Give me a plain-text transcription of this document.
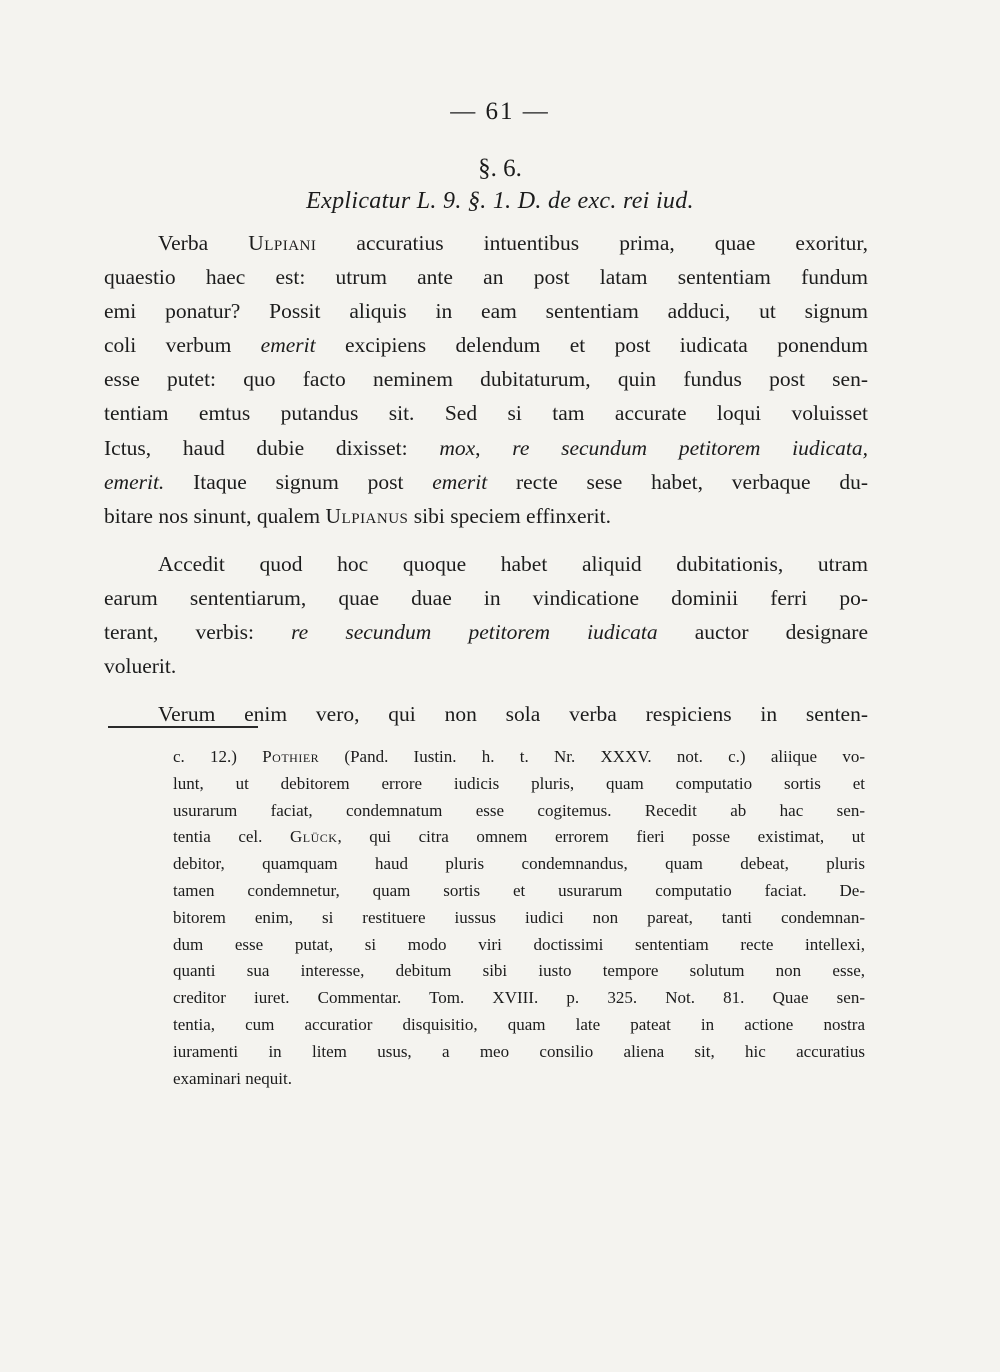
— 61 —
§. 6.
Explicatur L. 9. §. 1. D. de exc. rei iud.
Verba Ulpiani accuratius intuentibus prima, quae exoritur,
quaestio haec est: utrum ante an post latam sententiam fundum
emi ponatur? Possit aliquis in eam sententiam adduci, ut signum
coli verbum emerit excipiens delendum et post iudicata ponendum
esse putet: quo facto neminem dubitaturum, quin fundus post sen-
tentiam emtus putandus sit. Sed si tam accurate loqui voluisset
Ictus, haud dubie dixisset: mox, re secundum petitorem iudicata,
emerit. Itaque signum post emerit recte sese habet, verbaque du-
bitare nos sinunt, qualem Ulpianus sibi speciem effinxerit.
Accedit quod hoc quoque habet aliquid dubitationis, utram
earum sententiarum, quae duae in vindicatione dominii ferri po-
terant, verbis: re secundum petitorem iudicata auctor designare
voluerit.
Verum enim vero, qui non sola verba respiciens in senten-
c. 12.) Pothier (Pand. Iustin. h. t. Nr. XXXV. not. c.) aliique vo-
lunt, ut debitorem errore iudicis pluris, quam computatio sortis et
usurarum faciat, condemnatum esse cogitemus. Recedit ab hac sen-
tentia cel. Glück, qui citra omnem errorem fieri posse existimat, ut
debitor, quamquam haud pluris condemnandus, quam debeat, pluris
tamen condemnetur, quam sortis et usurarum computatio faciat. De-
bitorem enim, si restituere iussus iudici non pareat, tanti condemnan-
dum esse putat, si modo viri doctissimi sententiam recte intellexi,
quanti sua interesse, debitum sibi iusto tempore solutum non esse,
creditor iuret. Commentar. Tom. XVIII. p. 325. Not. 81. Quae sen-
tentia, cum accuratior disquisitio, quam late pateat in actione nostra
iuramenti in litem usus, a meo consilio aliena sit, hic accuratius
examinari nequit.
